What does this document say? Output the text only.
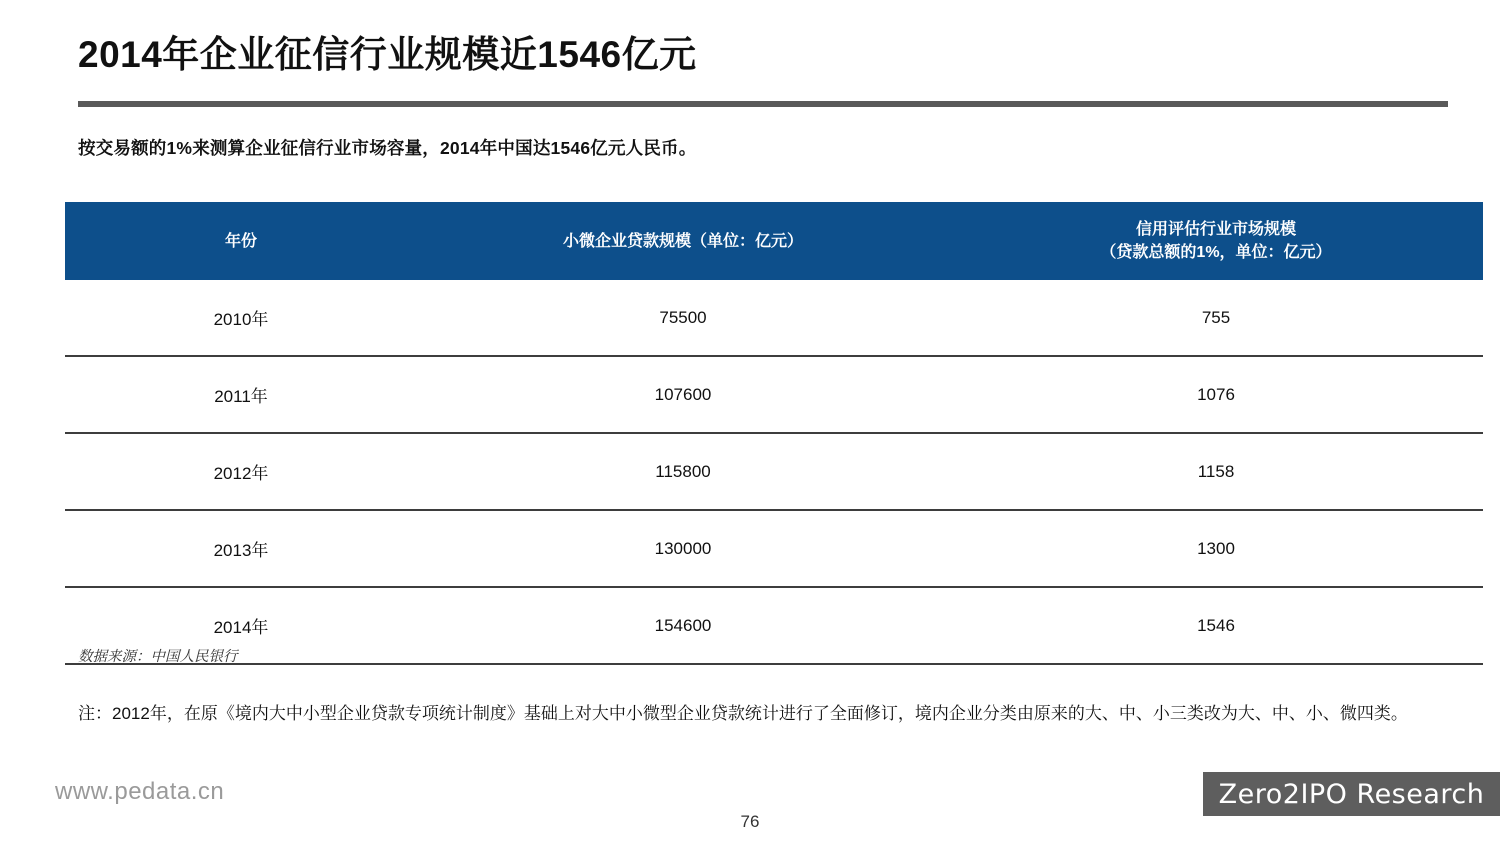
2014年企业征信行业规模近1546亿元
按交易额的1%来测算企业征信行业市场容量，2014年中国达1546亿元人民币。
年份	小微企业贷款规模（单位：亿元）	信用评估行业市场规模
（贷款总额的1%，单位：亿元）

2010年	75500	755
2011年	107600	1076
2012年	115800	1158
2013年	130000	1300
2014年	154600	1546
数据来源：中国人民银行
注：2012年，在原《境内大中小型企业贷款专项统计制度》基础上对大中小微型企业贷款统计进行了全面修订，境内企业分类由原来的大、中、小三类改为大、中、小、微四类。
www.pedata.cn
76
Zero2IPO Research
